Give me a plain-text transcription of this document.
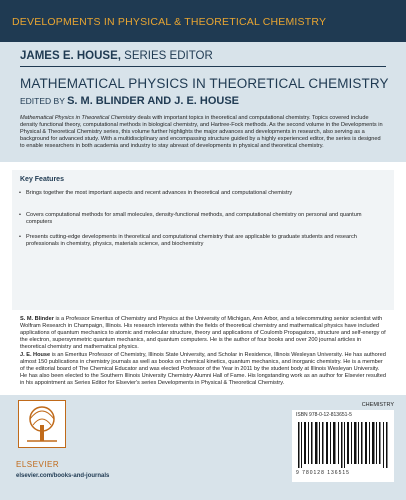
DEVELOPMENTS IN PHYSICAL & THEORETICAL CHEMISTRY
JAMES E. HOUSE, SERIES EDITOR
MATHEMATICAL PHYSICS IN THEORETICAL CHEMISTRY
EDITED BY S. M. BLINDER AND J. E. HOUSE
Mathematical Physics in Theoretical Chemistry deals with important topics in theoretical and computational chemistry. Topics covered include density functional theory, computational methods in biological chemistry, and Hartree-Fock methods. As the second volume in the Developments in Physical & Theoretical Chemistry series, this volume further highlights the major advances and developments in research, also serving as a background for advanced study. With a multidisciplinary and encompassing structure guided by a highly experienced editor, the series is designed to enable researchers in both academia and industry to stay abreast of developments in physical and theoretical chemistry.
Key Features
• Brings together the most important aspects and recent advances in theoretical and computational chemistry
• Covers computational methods for small molecules, density-functional methods, and computational chemistry on personal and quantum computers
• Presents cutting-edge developments in theoretical and computational chemistry that are applicable to graduate students and research professionals in chemistry, physics, materials science, and biochemistry
S. M. Blinder is a Professor Emeritus of Chemistry and Physics at the University of Michigan, Ann Arbor, and a telecommuting senior scientist with Wolfram Research in Champaign, Illinois. His research interests within the fields of theoretical chemistry and mathematical physics have included applications of quantum mechanics to atomic and molecular structure, theory and applications of Coulomb Propagators, structure and self-energy of the electron, supersymmetric quantum mechanics, and quantum computers. He is the author of four books and over 200 journal articles in theoretical chemistry and mathematical physics.
J. E. House is an Emeritus Professor of Chemistry, Illinois State University, and Scholar in Residence, Illinois Wesleyan University. He has authored almost 150 publications in chemistry journals as well as books on chemical kinetics, quantum mechanics, and inorganic chemistry. He is a member of the editorial board of The Chemical Educator and was elected Professor of the Year in 2011 by the student body at Illinois Wesleyan University. He has also been elected to the Southern Illinois University Chemistry Alumni Hall of Fame. His longstanding work as an author for Elsevier resulted in his appointment as Series Editor for Elsevier's series Developments in Physical & Theoretical Chemistry.
ELSEVIER
elsevier.com/books-and-journals
CHEMISTRY
ISBN 978-0-12-813651-5
9 780128 136515
